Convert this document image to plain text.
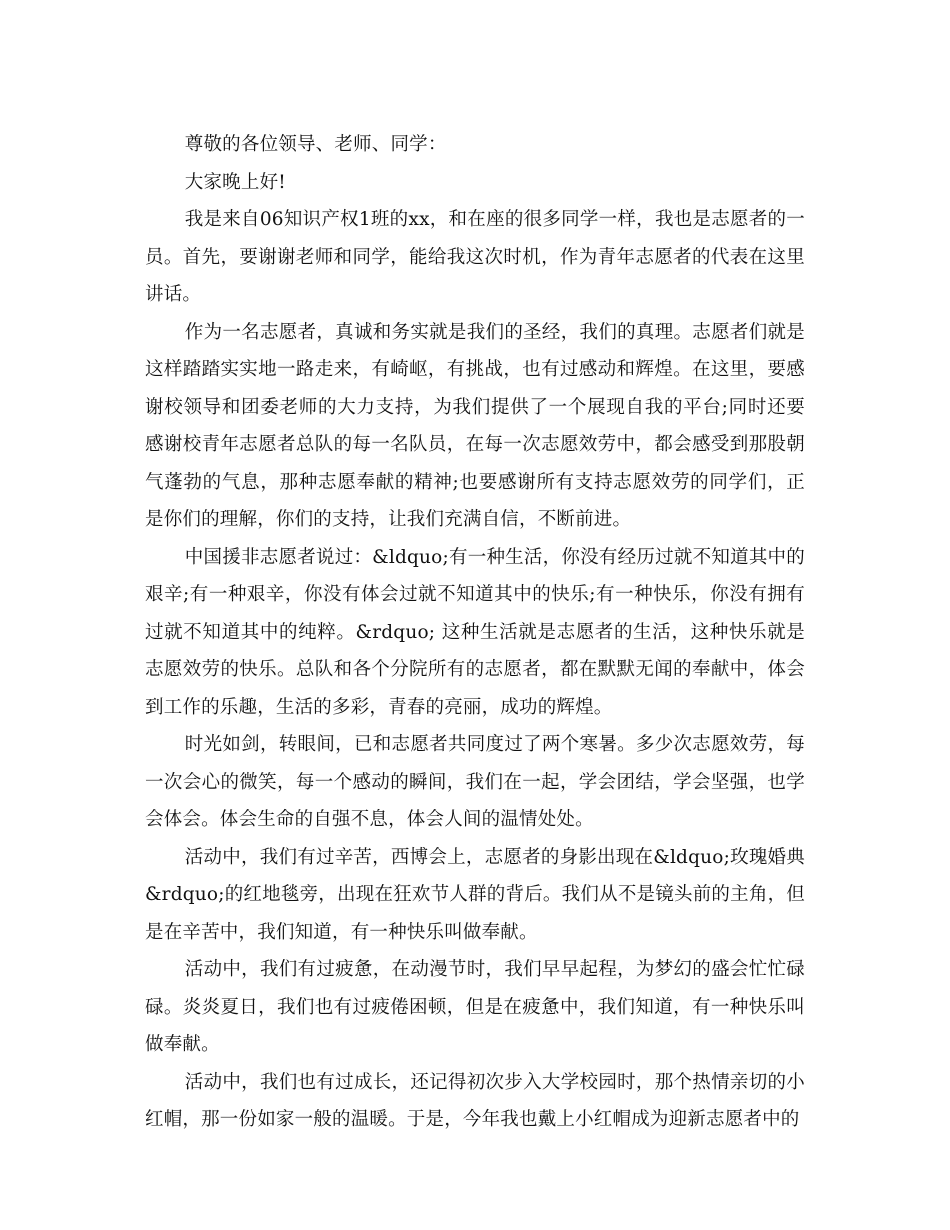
尊敬的各位领导、老师、同学：

大家晚上好!

我是来自06知识产权1班的xx，和在座的很多同学一样，我也是志愿者的一员。首先，要谢谢老师和同学，能给我这次时机，作为青年志愿者的代表在这里讲话。

作为一名志愿者，真诚和务实就是我们的圣经，我们的真理。志愿者们就是这样踏踏实实地一路走来，有崎岖，有挑战，也有过感动和辉煌。在这里，要感谢校领导和团委老师的大力支持，为我们提供了一个展现自我的平台;同时还要感谢校青年志愿者总队的每一名队员，在每一次志愿效劳中，都会感受到那股朝气蓬勃的气息，那种志愿奉献的精神;也要感谢所有支持志愿效劳的同学们，正是你们的理解，你们的支持，让我们充满自信，不断前进。

中国援非志愿者说过：&ldquo;有一种生活，你没有经历过就不知道其中的艰辛;有一种艰辛，你没有体会过就不知道其中的快乐;有一种快乐，你没有拥有过就不知道其中的纯粹。&rdquo; 这种生活就是志愿者的生活，这种快乐就是志愿效劳的快乐。总队和各个分院所有的志愿者，都在默默无闻的奉献中，体会到工作的乐趣，生活的多彩，青春的亮丽，成功的辉煌。

时光如剑，转眼间，已和志愿者共同度过了两个寒暑。多少次志愿效劳，每一次会心的微笑，每一个感动的瞬间，我们在一起，学会团结，学会坚强，也学会体会。体会生命的自强不息，体会人间的温情处处。

活动中，我们有过辛苦，西博会上，志愿者的身影出现在&ldquo;玫瑰婚典&rdquo;的红地毯旁，出现在狂欢节人群的背后。我们从不是镜头前的主角，但是在辛苦中，我们知道，有一种快乐叫做奉献。

活动中，我们有过疲惫，在动漫节时，我们早早起程，为梦幻的盛会忙忙碌碌。炎炎夏日，我们也有过疲倦困顿，但是在疲惫中，我们知道，有一种快乐叫做奉献。

活动中，我们也有过成长，还记得初次步入大学校园时，那个热情亲切的小红帽，那一份如家一般的温暖。于是，今年我也戴上小红帽成为迎新志愿者中的
